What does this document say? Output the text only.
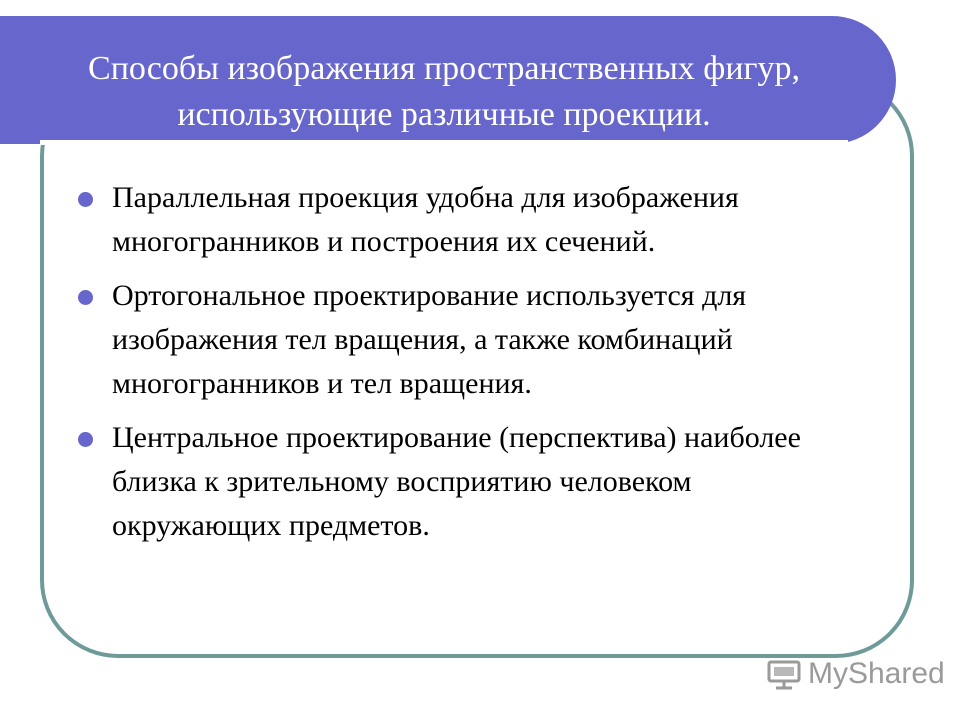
Способы изображения пространственных фигур,
использующие различные проекции.
Параллельная проекция удобна для изображения многогранников и построения их сечений.
Ортогональное проектирование используется для изображения тел вращения, а также комбинаций многогранников и тел вращения.
Центральное проектирование (перспектива) наиболее близка к зрительному восприятию человеком окружающих предметов.
MyShared
